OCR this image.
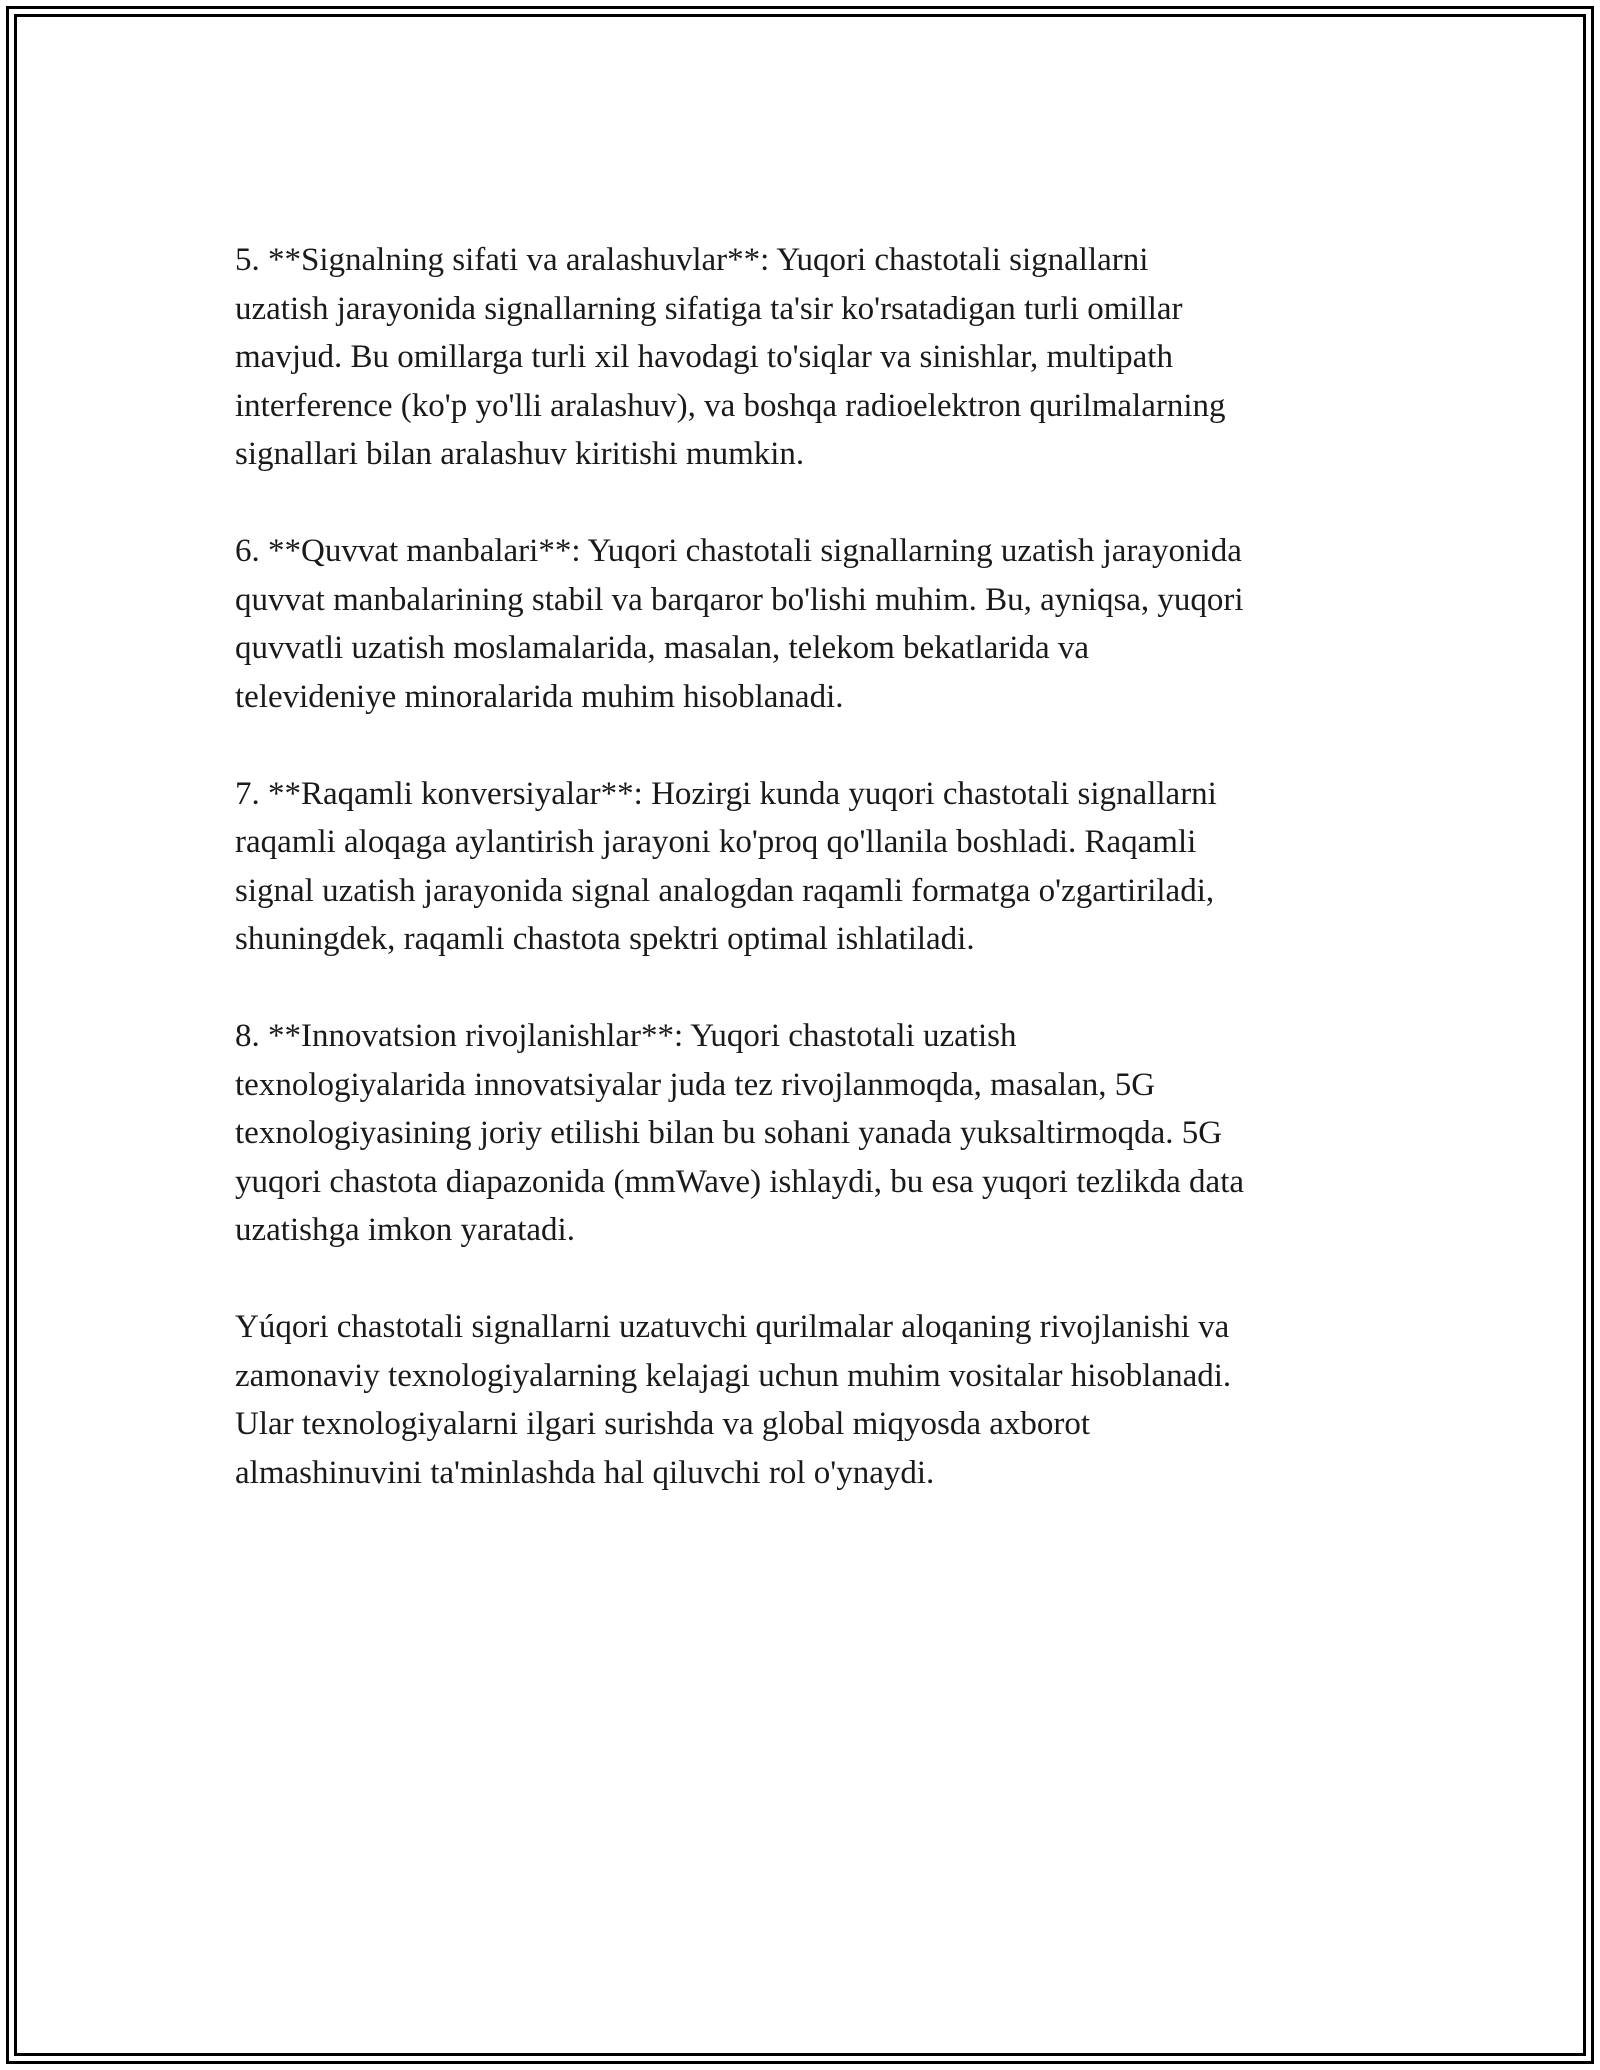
5. **Signalning sifati va aralashuvlar**: Yuqori chastotali signallarni
uzatish jarayonida signallarning sifatiga ta'sir ko'rsatadigan turli omillar
mavjud. Bu omillarga turli xil havodagi to'siqlar va sinishlar, multipath
interference (ko'p yo'lli aralashuv), va boshqa radioelektron qurilmalarning
signallari bilan aralashuv kiritishi mumkin.

6. **Quvvat manbalari**: Yuqori chastotali signallarning uzatish jarayonida
quvvat manbalarining stabil va barqaror bo'lishi muhim. Bu, ayniqsa, yuqori
quvvatli uzatish moslamalarida, masalan, telekom bekatlarida va
televideniye minoralarida muhim hisoblanadi.

7. **Raqamli konversiyalar**: Hozirgi kunda yuqori chastotali signallarni
raqamli aloqaga aylantirish jarayoni ko'proq qo'llanila boshladi. Raqamli
signal uzatish jarayonida signal analogdan raqamli formatga o'zgartiriladi,
shuningdek, raqamli chastota spektri optimal ishlatiladi.

8. **Innovatsion rivojlanishlar**: Yuqori chastotali uzatish
texnologiyalarida innovatsiyalar juda tez rivojlanmoqda, masalan, 5G
texnologiyasining joriy etilishi bilan bu sohani yanada yuksaltirmoqda. 5G
yuqori chastota diapazonida (mmWave) ishlaydi, bu esa yuqori tezlikda data
uzatishga imkon yaratadi.

Yúqori chastotali signallarni uzatuvchi qurilmalar aloqaning rivojlanishi va
zamonaviy texnologiyalarning kelajagi uchun muhim vositalar hisoblanadi.
Ular texnologiyalarni ilgari surishda va global miqyosda axborot
almashinuvini ta'minlashda hal qiluvchi rol o'ynaydi.
